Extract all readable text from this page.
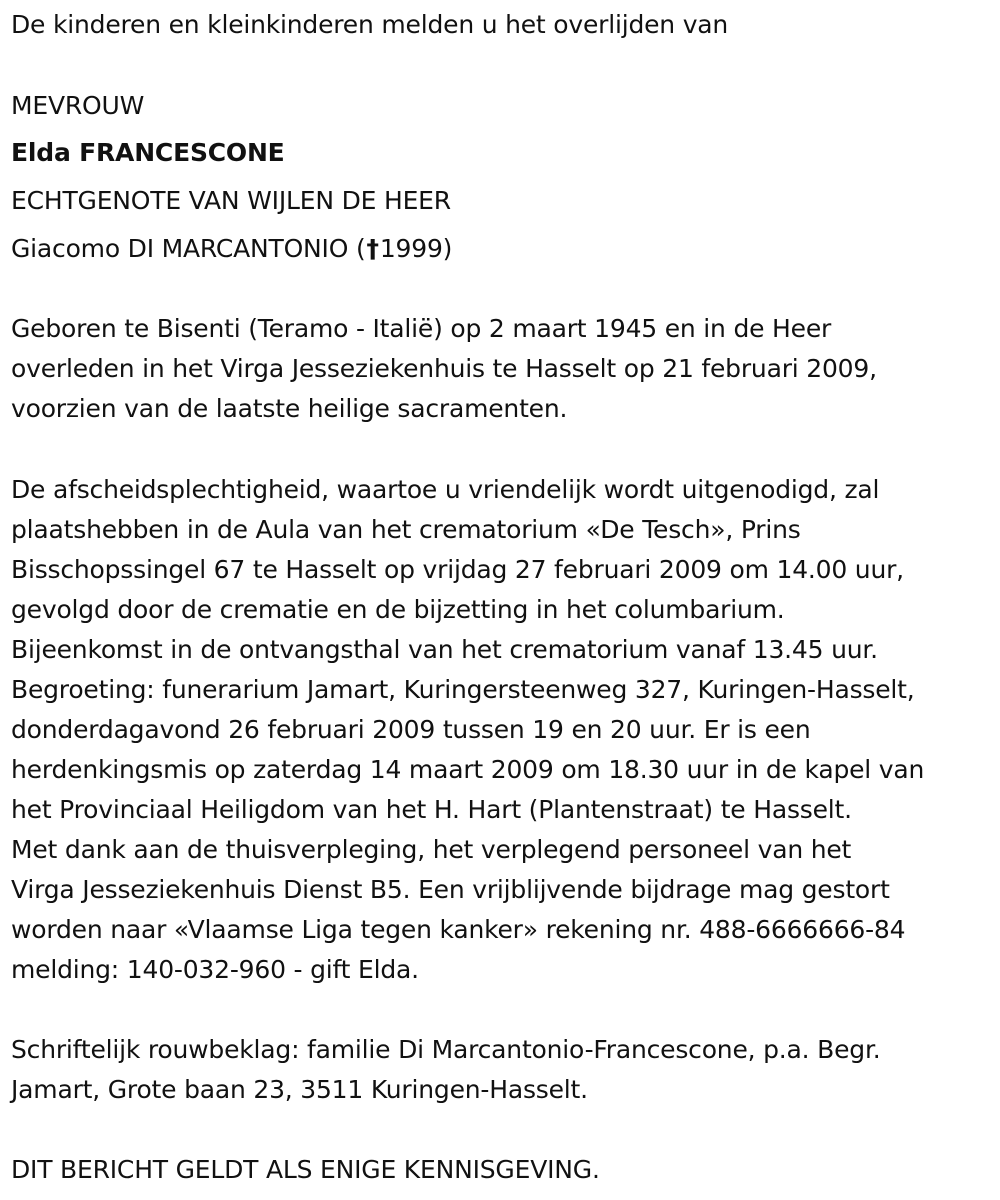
De kinderen en kleinkinderen melden u het overlijden van
MEVROUW
Elda FRANCESCONE
ECHTGENOTE VAN WIJLEN DE HEER
Giacomo DI MARCANTONIO (†1999)
Geboren te Bisenti (Teramo - Italië) op 2 maart 1945 en in de Heer
overleden in het Virga Jesseziekenhuis te Hasselt op 21 februari 2009,
voorzien van de laatste heilige sacramenten.
De afscheidsplechtigheid, waartoe u vriendelijk wordt uitgenodigd, zal
plaatshebben in de Aula van het crematorium «De Tesch», Prins
Bisschopssingel 67 te Hasselt op vrijdag 27 februari 2009 om 14.00 uur,
gevolgd door de crematie en de bijzetting in het columbarium.
Bijeenkomst in de ontvangsthal van het crematorium vanaf 13.45 uur.
Begroeting: funerarium Jamart, Kuringersteenweg 327, Kuringen-Hasselt,
donderdagavond 26 februari 2009 tussen 19 en 20 uur. Er is een
herdenkingsmis op zaterdag 14 maart 2009 om 18.30 uur in de kapel van
het Provinciaal Heiligdom van het H. Hart (Plantenstraat) te Hasselt.
Met dank aan de thuisverpleging, het verplegend personeel van het
Virga Jesseziekenhuis Dienst B5. Een vrijblijvende bijdrage mag gestort
worden naar «Vlaamse Liga tegen kanker» rekening nr. 488-6666666-84
melding: 140-032-960 - gift Elda.
Schriftelijk rouwbeklag: familie Di Marcantonio-Francescone, p.a. Begr.
Jamart, Grote baan 23, 3511 Kuringen-Hasselt.
DIT BERICHT GELDT ALS ENIGE KENNISGEVING.
